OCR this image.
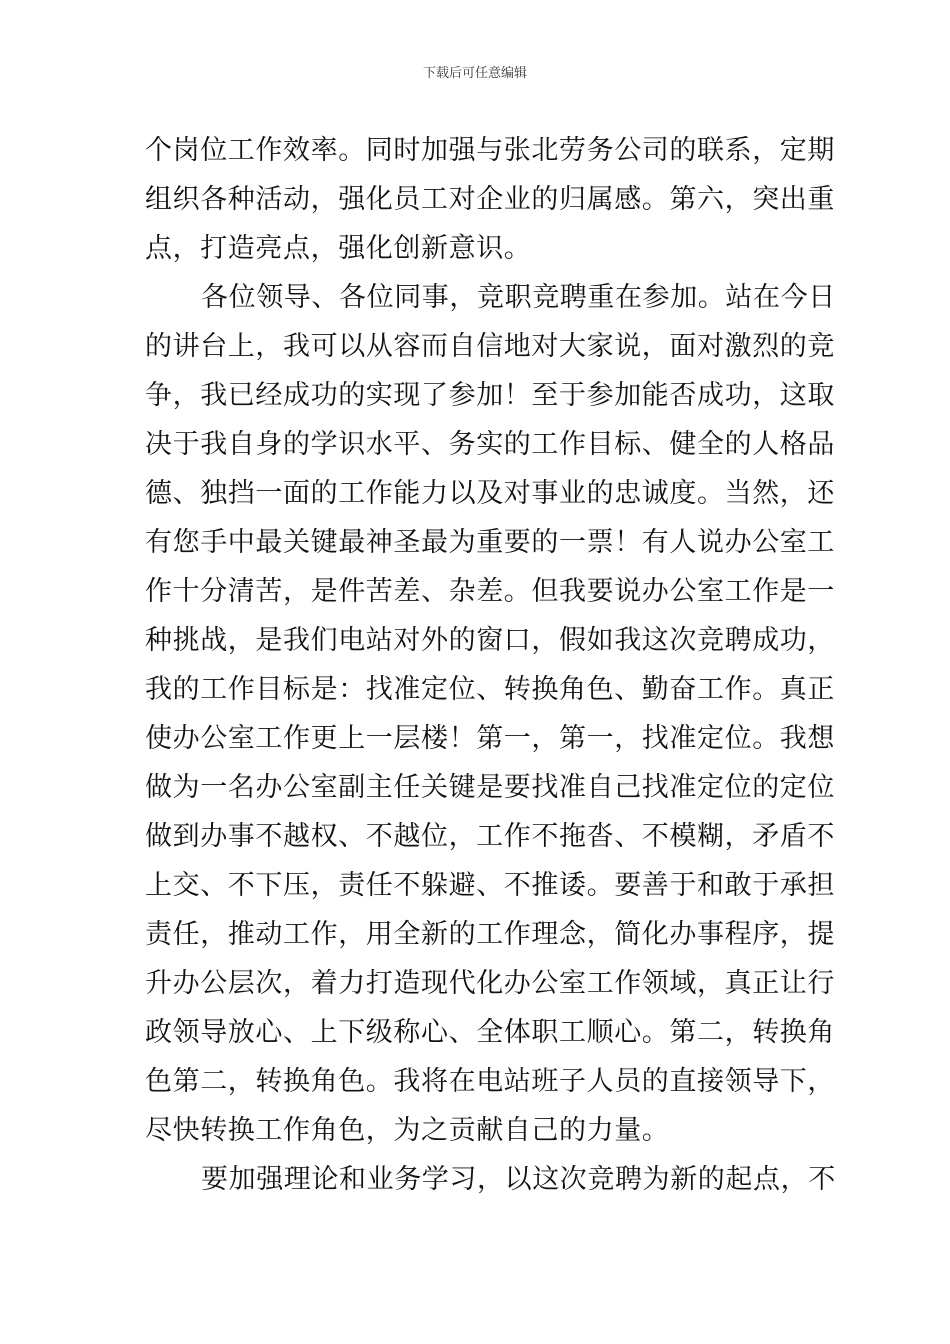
下载后可任意编辑
个岗位工作效率。同时加强与张北劳务公司的联系，定期
组织各种活动，强化员工对企业的归属感。第六，突出重
点，打造亮点，强化创新意识。
各位领导、各位同事，竞职竞聘重在参加。站在今日
的讲台上，我可以从容而自信地对大家说，面对激烈的竞
争，我已经成功的实现了参加！至于参加能否成功，这取
决于我自身的学识水平、务实的工作目标、健全的人格品
德、独挡一面的工作能力以及对事业的忠诚度。当然，还
有您手中最关键最神圣最为重要的一票！有人说办公室工
作十分清苦，是件苦差、杂差。但我要说办公室工作是一
种挑战，是我们电站对外的窗口，假如我这次竞聘成功，
我的工作目标是：找准定位、转换角色、勤奋工作。真正
使办公室工作更上一层楼！第一，第一，找准定位。我想
做为一名办公室副主任关键是要找准自己找准定位的定位
做到办事不越权、不越位，工作不拖沓、不模糊，矛盾不
上交、不下压，责任不躲避、不推诿。要善于和敢于承担
责任，推动工作，用全新的工作理念，简化办事程序，提
升办公层次，着力打造现代化办公室工作领域，真正让行
政领导放心、上下级称心、全体职工顺心。第二，转换角
色第二，转换角色。我将在电站班子人员的直接领导下，
尽快转换工作角色，为之贡献自己的力量。
要加强理论和业务学习，以这次竞聘为新的起点，不
